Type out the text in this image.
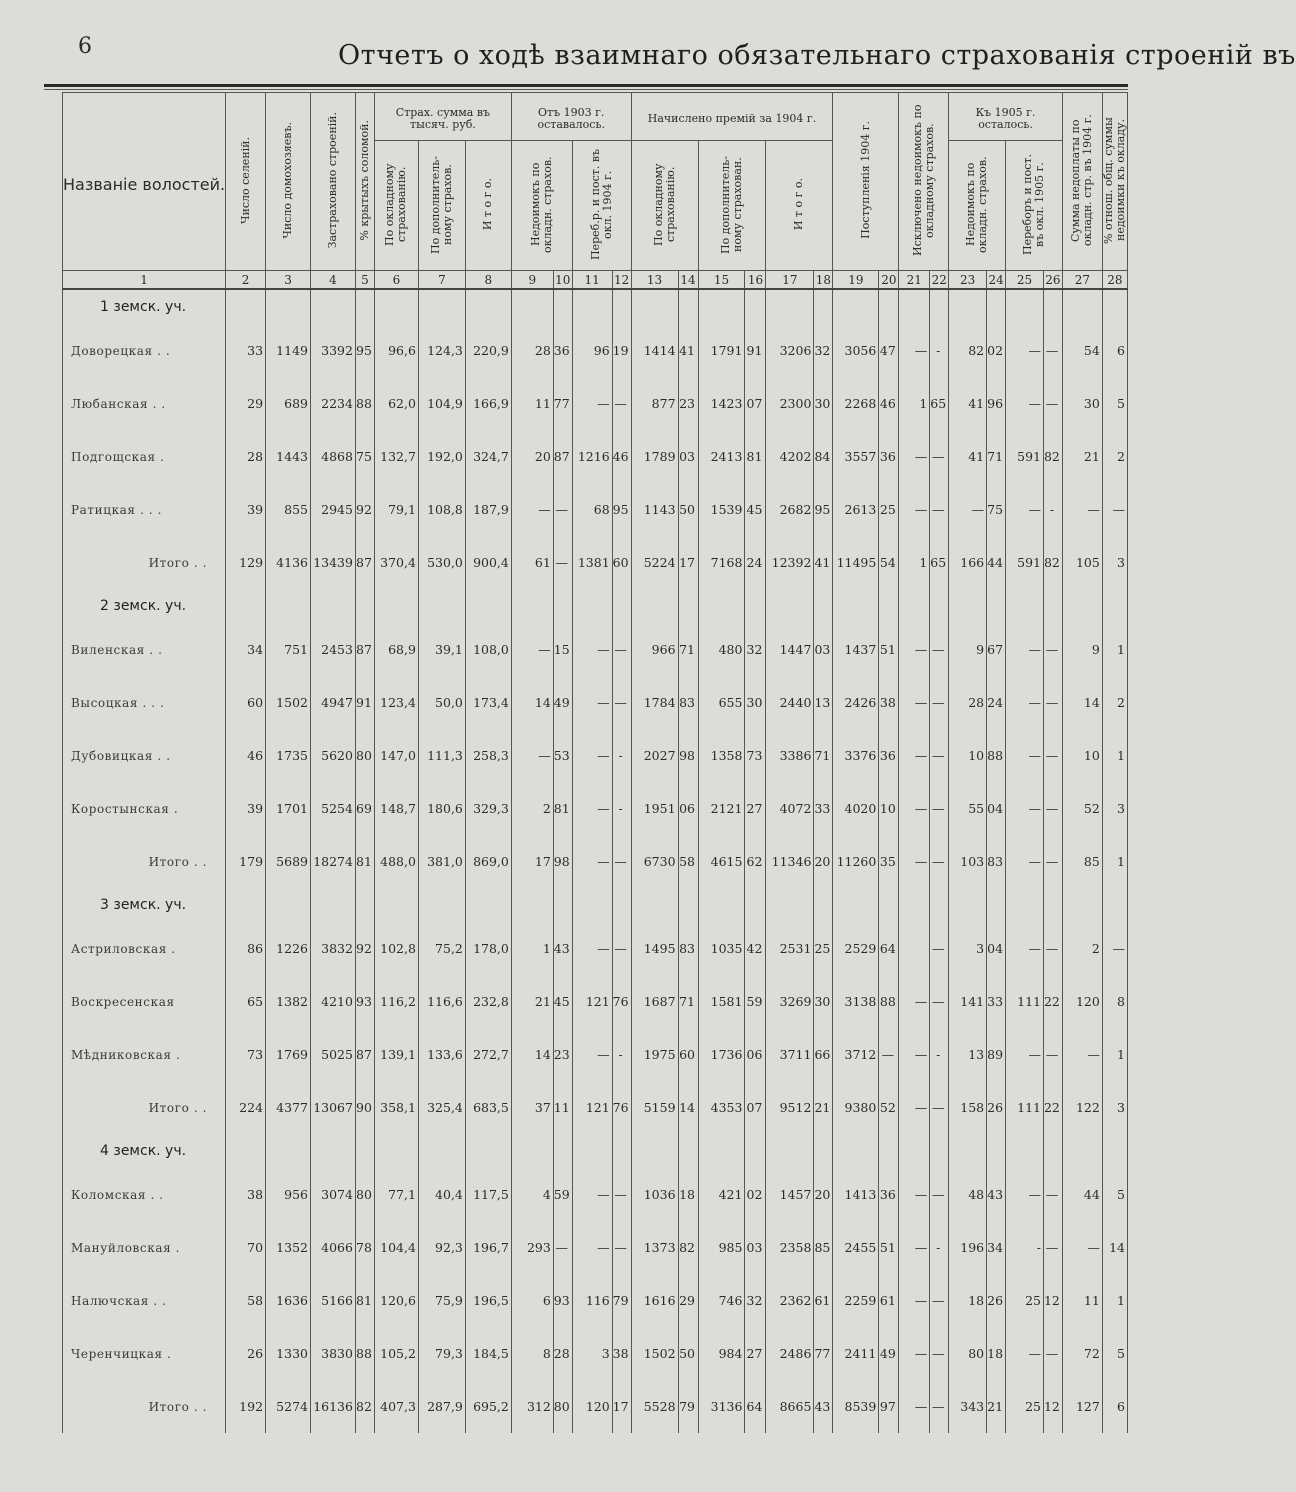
6	Отчетъ о ходѣ взаимнаго обязательнаго страхованія строеній въ
Названіе волостей.	Число селеній.	Число домохозяевъ.	Застраховано строеній.	% крытыхъ соломой.	Страх. сумма въ тысяч. руб.			Отъ 1903 г. оставалось.				Начислено премій за 1904 г.						Поступленія 1904 г.		Исключено недоимокъ по окладному страхов.		Къ 1905 г. осталось.				Сумма недоплаты по окладн. стр. въ 1904 г.	% отнош. общ. суммы недоимки къ окладу.
					По окладному страхованію.	По дополнитель-ному страхов.	И т о г о.	Недоимокъ по окладн. страхов.		Переб.р. и пост. въ окл. 1904 г.		По окладному страхованію.		По дополнитель-ному страхован.		И т о г о.						Недоимокъ по окладн. страхов.		Переборъ и пост. въ окл. 1905 г.			
1	2	3	4	5	6	7	8	9	10	11	12	13	14	15	16	17	18	19	20	21	22	23	24	25	26	27	28
1 земск. уч.																											
Доворецкая . .	33	1149	3392	95	96,6	124,3	220,9	28	36	96	19	1414	41	1791	91	3206	32	3056	47	—	-	82	02	—	—	54	6
Любанская . .	29	689	2234	88	62,0	104,9	166,9	11	77	—	—	877	23	1423	07	2300	30	2268	46	1	65	41	96	—	—	30	5
Подгощская .	28	1443	4868	75	132,7	192,0	324,7	20	87	1216	46	1789	03	2413	81	4202	84	3557	36	—	—	41	71	591	82	21	2
Ратицкая . . .	39	855	2945	92	79,1	108,8	187,9	—	—	68	95	1143	50	1539	45	2682	95	2613	25	—	—	—	75	—	-	—	—
Итого . .	129	4136	13439	87	370,4	530,0	900,4	61	—	1381	60	5224	17	7168	24	12392	41	11495	54	1	65	166	44	591	82	105	3
2 земск. уч.																											
Виленская . .	34	751	2453	87	68,9	39,1	108,0	—	15	—	—	966	71	480	32	1447	03	1437	51	—	—	9	67	—	—	9	1
Высоцкая . . .	60	1502	4947	91	123,4	50,0	173,4	14	49	—	—	1784	83	655	30	2440	13	2426	38	—	—	28	24	—	—	14	2
Дубовицкая . .	46	1735	5620	80	147,0	111,3	258,3	—	53	—	-	2027	98	1358	73	3386	71	3376	36	—	—	10	88	—	—	10	1
Коростынская .	39	1701	5254	69	148,7	180,6	329,3	2	81	—	-	1951	06	2121	27	4072	33	4020	10	—	—	55	04	—	—	52	3
Итого . .	179	5689	18274	81	488,0	381,0	869,0	17	98	—	—	6730	58	4615	62	11346	20	11260	35	—	—	103	83	—	—	85	1
3 земск. уч.																											
Астриловская .	86	1226	3832	92	102,8	75,2	178,0	1	43	—	—	1495	83	1035	42	2531	25	2529	64		—	3	04	—	—	2	—
Воскресенская	65	1382	4210	93	116,2	116,6	232,8	21	45	121	76	1687	71	1581	59	3269	30	3138	88	—	—	141	33	111	22	120	8
Мѣдниковская .	73	1769	5025	87	139,1	133,6	272,7	14	23	—	-	1975	60	1736	06	3711	66	3712	—	—	-	13	89	—	—	—	1
Итого . .	224	4377	13067	90	358,1	325,4	683,5	37	11	121	76	5159	14	4353	07	9512	21	9380	52	—	—	158	26	111	22	122	3
4 земск. уч.																											
Коломская . .	38	956	3074	80	77,1	40,4	117,5	4	59	—	—	1036	18	421	02	1457	20	1413	36	—	—	48	43	—	—	44	5
Мануйловская .	70	1352	4066	78	104,4	92,3	196,7	293	—	—	—	1373	82	985	03	2358	85	2455	51	—	-	196	34	-	—	—	14
Налючская . .	58	1636	5166	81	120,6	75,9	196,5	6	93	116	79	1616	29	746	32	2362	61	2259	61	—	—	18	26	25	12	11	1
Черенчицкая .	26	1330	3830	88	105,2	79,3	184,5	8	28	3	38	1502	50	984	27	2486	77	2411	49	—	—	80	18	—	—	72	5
Итого . .	192	5274	16136	82	407,3	287,9	695,2	312	80	120	17	5528	79	3136	64	8665	43	8539	97	—	—	343	21	25	12	127	6
